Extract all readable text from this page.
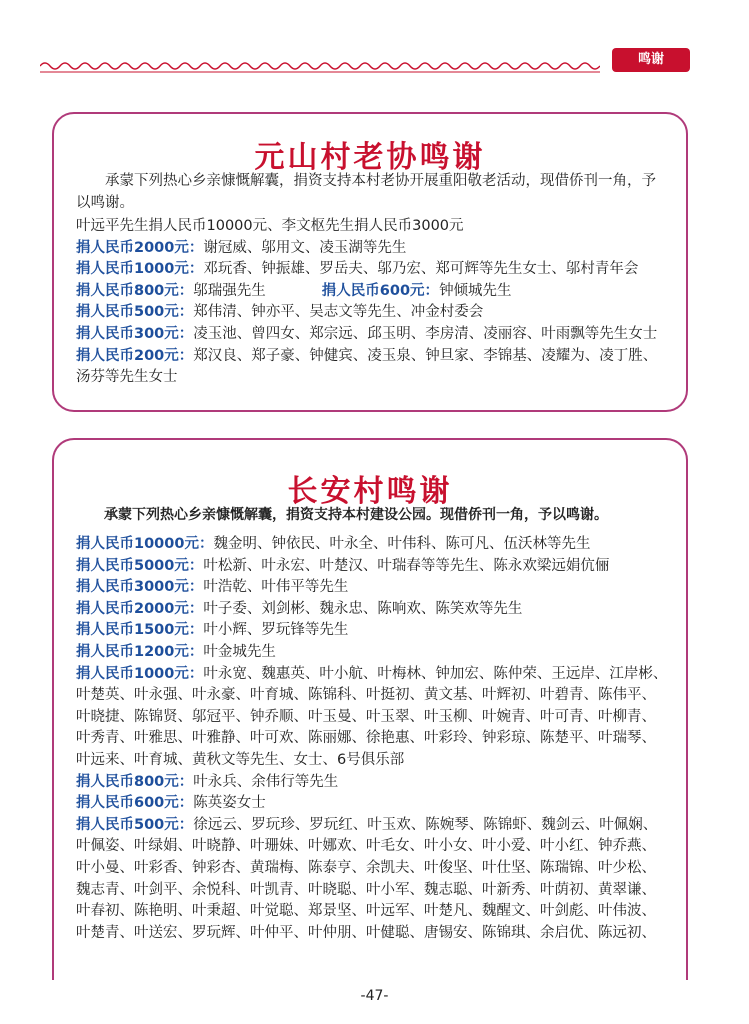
鸣谢
元山村老协鸣谢
承蒙下列热心乡亲慷慨解囊，捐资支持本村老协开展重阳敬老活动，现借侨刊一角，予以鸣谢。
叶远平先生捐人民币10000元、李文枢先生捐人民币3000元
捐人民币2000元：谢冠威、邬用文、凌玉湖等先生
捐人民币1000元：邓玩香、钟振雄、罗岳夫、邬乃宏、郑可辉等先生女士、邬村青年会
捐人民币800元：邬瑞强先生	捐人民币600元：钟倾城先生
捐人民币500元：郑伟清、钟亦平、吴志文等先生、冲金村委会
捐人民币300元：凌玉池、曾四女、郑宗远、邱玉明、李房清、凌丽容、叶雨飘等先生女士
捐人民币200元：郑汉良、郑子豪、钟健宾、凌玉泉、钟旦家、李锦基、凌耀为、凌丁胜、
汤芬等先生女士
长安村鸣谢
承蒙下列热心乡亲慷慨解囊，捐资支持本村建设公园。现借侨刊一角，予以鸣谢。
捐人民币10000元：魏金明、钟依民、叶永全、叶伟科、陈可凡、伍沃林等先生
捐人民币5000元：叶松新、叶永宏、叶楚汉、叶瑞春等等先生、陈永欢梁远娟伉俪
捐人民币3000元：叶浩乾、叶伟平等先生
捐人民币2000元：叶子委、刘剑彬、魏永忠、陈响欢、陈笑欢等先生
捐人民币1500元：叶小辉、罗玩锋等先生
捐人民币1200元：叶金城先生
捐人民币1000元：叶永宽、魏惠英、叶小航、叶梅林、钟加宏、陈仲荣、王远岸、江岸彬、
叶楚英、叶永强、叶永豪、叶育城、陈锦科、叶挺初、黄文基、叶辉初、叶碧青、陈伟平、
叶晓捷、陈锦贤、邬冠平、钟乔顺、叶玉曼、叶玉翠、叶玉柳、叶婉青、叶可青、叶柳青、
叶秀青、叶雅思、叶雅静、叶可欢、陈丽娜、徐艳惠、叶彩玲、钟彩琼、陈楚平、叶瑞琴、
叶远来、叶育城、黄秋文等先生、女士、6号俱乐部
捐人民币800元：叶永兵、余伟行等先生
捐人民币600元：陈英姿女士
捐人民币500元：徐远云、罗玩珍、罗玩红、叶玉欢、陈婉琴、陈锦虾、魏剑云、叶佩娴、
叶佩姿、叶绿娟、叶晓静、叶珊妹、叶娜欢、叶毛女、叶小女、叶小爱、叶小红、钟乔燕、
叶小曼、叶彩香、钟彩杏、黄瑞梅、陈泰亨、余凯夫、叶俊坚、叶仕坚、陈瑞锦、叶少松、
魏志青、叶剑平、余悦科、叶凯青、叶晓聪、叶小军、魏志聪、叶新秀、叶荫初、黄翠谦、
叶春初、陈艳明、叶秉超、叶觉聪、郑景坚、叶远军、叶楚凡、魏醒文、叶剑彪、叶伟波、
叶楚青、叶送宏、罗玩辉、叶仲平、叶仲朋、叶健聪、唐锡安、陈锦琪、余启优、陈远初、
-47-
